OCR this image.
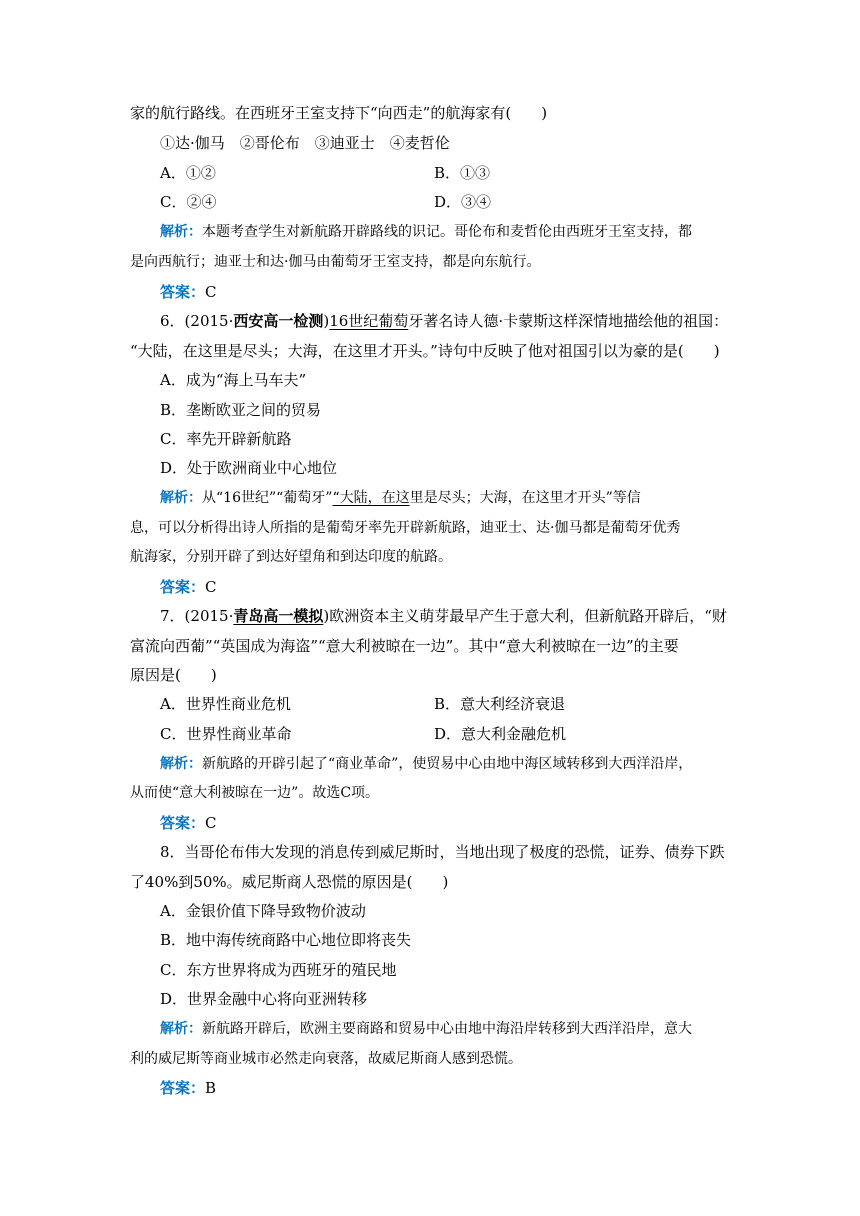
家的航行路线。在西班牙王室支持下“向西走”的航海家有(　　)
①达·伽马　②哥伦布　③迪亚士　④麦哲伦
A．①②	B．①③
C．②④	D．③④
解析：本题考查学生对新航路开辟路线的识记。哥伦布和麦哲伦由西班牙王室支持，都
是向西航行；迪亚士和达·伽马由葡萄牙王室支持，都是向东航行。
答案：C
6．(2015·西安高一检测)16世纪葡萄牙著名诗人德·卡蒙斯这样深情地描绘他的祖国：
“大陆，在这里是尽头；大海，在这里才开头。”诗句中反映了他对祖国引以为豪的是(　　)
A．成为“海上马车夫”
B．垄断欧亚之间的贸易
C．率先开辟新航路
D．处于欧洲商业中心地位
解析：从“16世纪”“葡萄牙”“大陆，在这里是尽头；大海，在这里才开头”等信
息，可以分析得出诗人所指的是葡萄牙率先开辟新航路，迪亚士、达·伽马都是葡萄牙优秀
航海家，分别开辟了到达好望角和到达印度的航路。
答案：C
7．(2015·青岛高一模拟)欧洲资本主义萌芽最早产生于意大利，但新航路开辟后，“财
富流向西葡”“英国成为海盗”“意大利被晾在一边”。其中“意大利被晾在一边”的主要
原因是(　　)
A．世界性商业危机	B．意大利经济衰退
C．世界性商业革命	D．意大利金融危机
解析：新航路的开辟引起了“商业革命”，使贸易中心由地中海区域转移到大西洋沿岸，
从而使“意大利被晾在一边”。故选C项。
答案：C
8．当哥伦布伟大发现的消息传到威尼斯时，当地出现了极度的恐慌，证券、债券下跌
了40%到50%。威尼斯商人恐慌的原因是(　　)
A．金银价值下降导致物价波动
B．地中海传统商路中心地位即将丧失
C．东方世界将成为西班牙的殖民地
D．世界金融中心将向亚洲转移
解析：新航路开辟后，欧洲主要商路和贸易中心由地中海沿岸转移到大西洋沿岸，意大
利的威尼斯等商业城市必然走向衰落，故威尼斯商人感到恐慌。
答案：B
